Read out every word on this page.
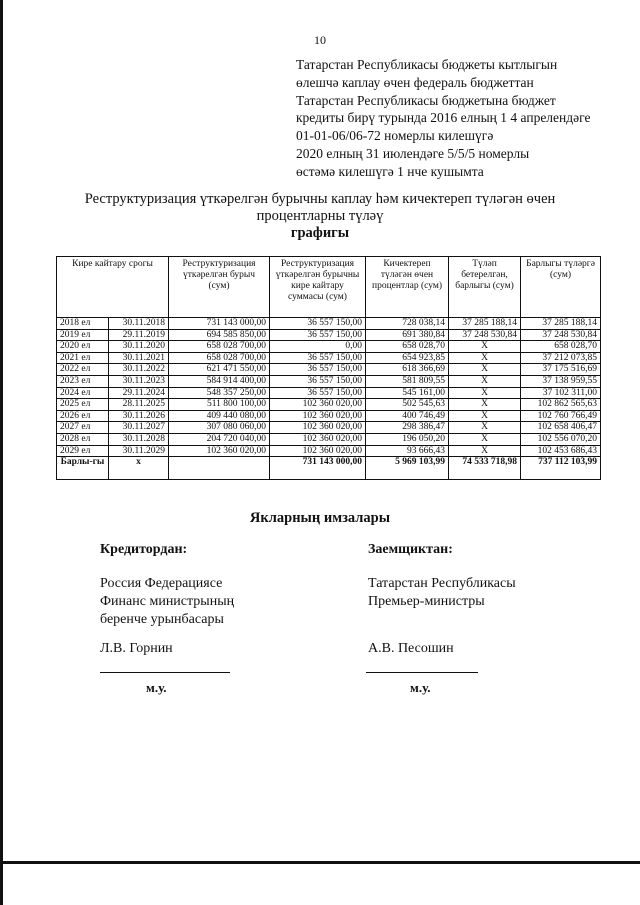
10
Татарстан Республикасы бюджеты кытлыгын
өлешчә каплау өчен федераль бюджеттан
Татарстан Республикасы бюджетына бюджет
кредиты бирү турында 2016 елның 1 4 апрелендәге
01-01-06/06-72 номерлы килешүгә
2020 елның 31 июлендәге 5/5/5 номерлы
өстәмә килешүгә 1 нче кушымта
Реструктуризация үткәрелгән бурычны каплау һәм кичектереп түләгән өчен
процентларны түләү
графигы
Кире кайтару срогы		Реструктуризация үткәрелгән бурыч (сум)	Реструктуризация үткәрелгән бурычны кире кайтару суммасы (сум)	Кичектереп түләгән өчен процентлар (сум)	Түләп бетерелгән, барлыгы (сум)	Барлыгы түләргә (сум)
2018 ел	30.11.2018	731 143 000,00	36 557 150,00	728 038,14	37 285 188,14	37 285 188,14
2019 ел	29.11.2019	694 585 850,00	36 557 150,00	691 380,84	37 248 530,84	37 248 530,84
2020 ел	30.11.2020	658 028 700,00	0,00	658 028,70	Х	658 028,70
2021 ел	30.11.2021	658 028 700,00	36 557 150,00	654 923,85	Х	37 212 073,85
2022 ел	30.11.2022	621 471 550,00	36 557 150,00	618 366,69	Х	37 175 516,69
2023 ел	30.11.2023	584 914 400,00	36 557 150,00	581 809,55	Х	37 138 959,55
2024 ел	29.11.2024	548 357 250,00	36 557 150,00	545 161,00	Х	37 102 311,00
2025 ел	28.11.2025	511 800 100,00	102 360 020,00	502 545,63	Х	102 862 565,63
2026 ел	30.11.2026	409 440 080,00	102 360 020,00	400 746,49	Х	102 760 766,49
2027 ел	30.11.2027	307 080 060,00	102 360 020,00	298 386,47	Х	102 658 406,47
2028 ел	30.11.2028	204 720 040,00	102 360 020,00	196 050,20	Х	102 556 070,20
2029 ел	30.11.2029	102 360 020,00	102 360 020,00	93 666,43	Х	102 453 686,43
Барлы-гы	х		731 143 000,00	5 969 103,99	74 533 718,98	737 112 103,99
Якларның имзалары
Кредитордан:	Заемщиктан:
Россия Федерациясе
Финанс министрының
беренче урынбасары
Татарстан Республикасы
Премьер-министры
Л.В. Горнин	А.В. Песошин
м.у.	м.у.
